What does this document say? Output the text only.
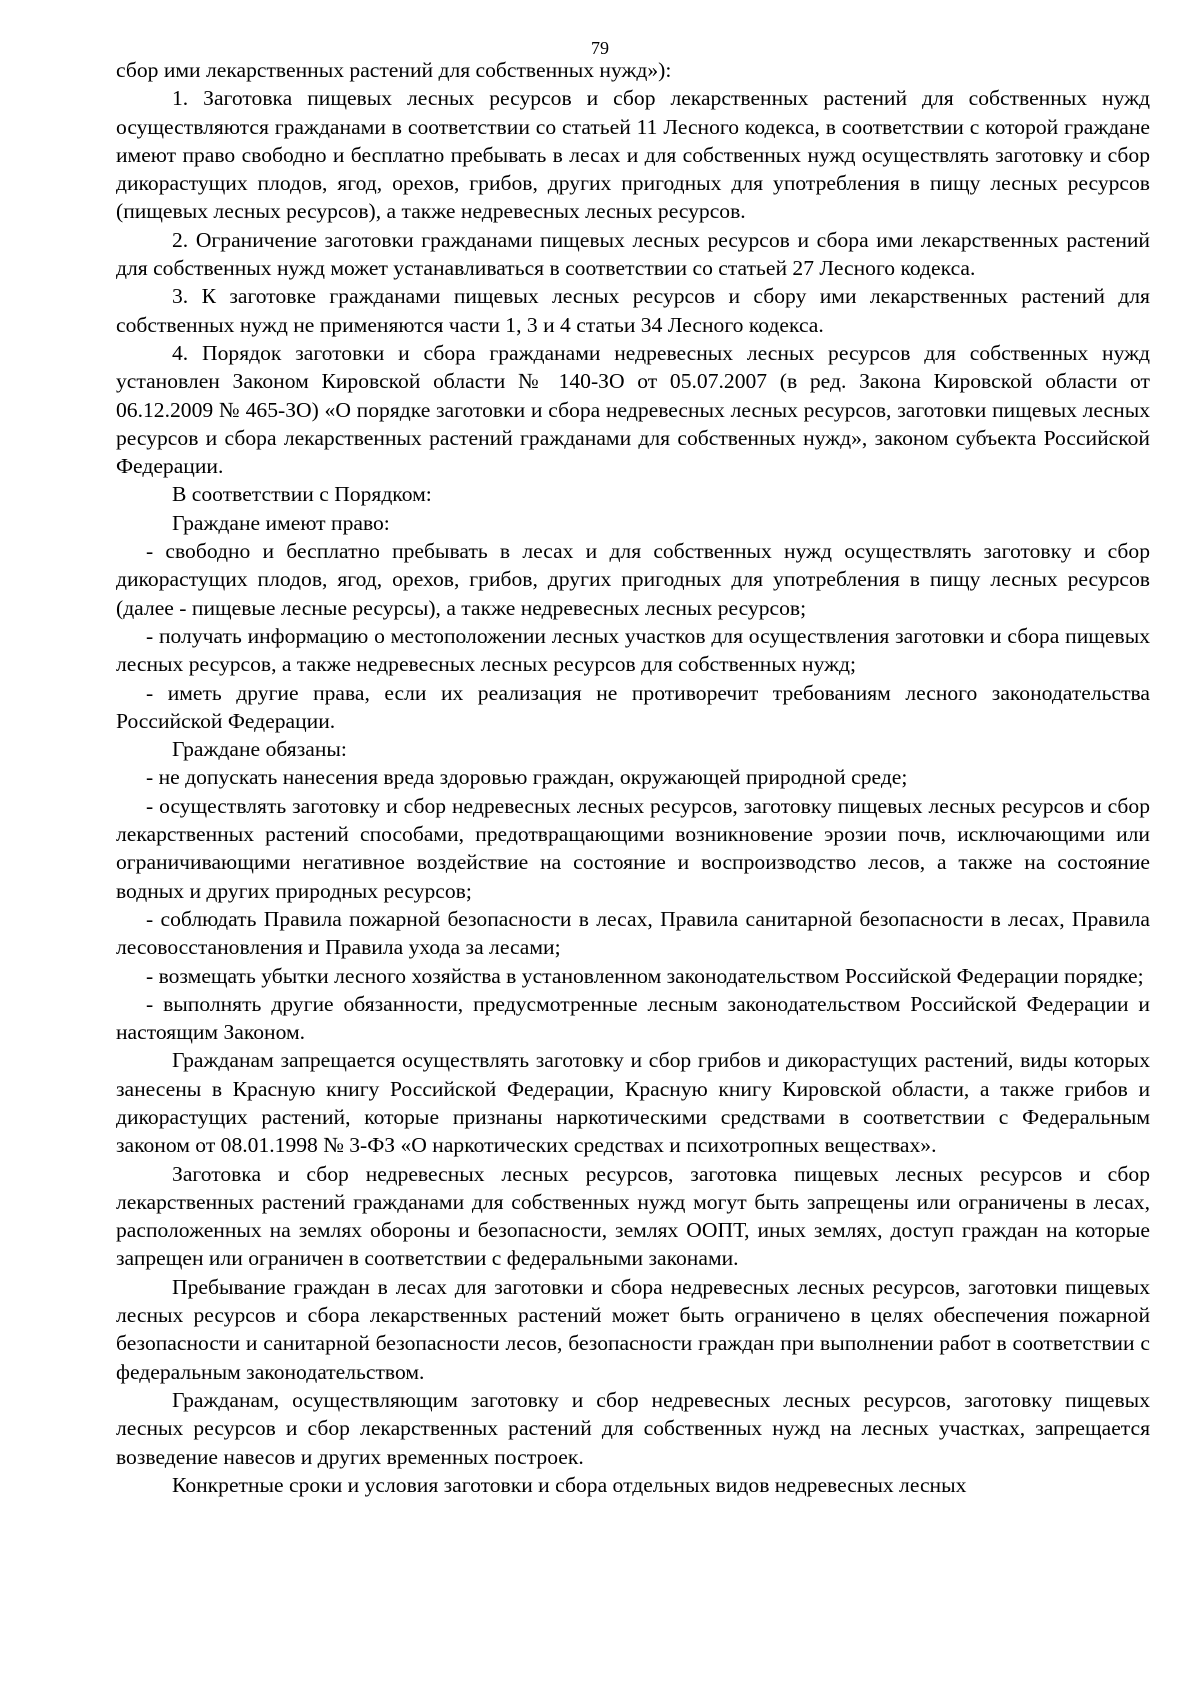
79

сбор ими лекарственных растений для собственных нужд»):

1. Заготовка пищевых лесных ресурсов и сбор лекарственных растений для собственных нужд осуществляются гражданами в соответствии со статьей 11 Лесного кодекса, в соответствии с которой граждане имеют право свободно и бесплатно пребывать в лесах и для собственных нужд осуществлять заготовку и сбор дикорастущих плодов, ягод, орехов, грибов, других пригодных для употребления в пищу лесных ресурсов (пищевых лесных ресурсов), а также недревесных лесных ресурсов.

2. Ограничение заготовки гражданами пищевых лесных ресурсов и сбора ими лекарственных растений для собственных нужд может устанавливаться в соответствии со статьей 27 Лесного кодекса.

3. К заготовке гражданами пищевых лесных ресурсов и сбору ими лекарственных растений для собственных нужд не применяются части 1, 3 и 4 статьи 34 Лесного кодекса.

4. Порядок заготовки и сбора гражданами недревесных лесных ресурсов для собственных нужд установлен Законом Кировской области № 140-ЗО от 05.07.2007 (в ред. Закона Кировской области от 06.12.2009 № 465-ЗО) «О порядке заготовки и сбора недревесных лесных ресурсов, заготовки пищевых лесных ресурсов и сбора лекарственных растений гражданами для собственных нужд», законом субъекта Российской Федерации.

В соответствии с Порядком:

Граждане имеют право:

- свободно и бесплатно пребывать в лесах и для собственных нужд осуществлять заготовку и сбор дикорастущих плодов, ягод, орехов, грибов, других пригодных для употребления в пищу лесных ресурсов (далее - пищевые лесные ресурсы), а также недревесных лесных ресурсов;

- получать информацию о местоположении лесных участков для осуществления заготовки и сбора пищевых лесных ресурсов, а также недревесных лесных ресурсов для собственных нужд;

- иметь другие права, если их реализация не противоречит требованиям лесного законодательства Российской Федерации.

Граждане обязаны:

- не допускать нанесения вреда здоровью граждан, окружающей природной среде;

- осуществлять заготовку и сбор недревесных лесных ресурсов, заготовку пищевых лесных ресурсов и сбор лекарственных растений способами, предотвращающими возникновение эрозии почв, исключающими или ограничивающими негативное воздействие на состояние и воспроизводство лесов, а также на состояние водных и других природных ресурсов;

- соблюдать Правила пожарной безопасности в лесах, Правила санитарной безопасности в лесах, Правила лесовосстановления и Правила ухода за лесами;

- возмещать убытки лесного хозяйства в установленном законодательством Российской Федерации порядке;

- выполнять другие обязанности, предусмотренные лесным законодательством Российской Федерации и настоящим Законом.

Гражданам запрещается осуществлять заготовку и сбор грибов и дикорастущих растений, виды которых занесены в Красную книгу Российской Федерации, Красную книгу Кировской области, а также грибов и дикорастущих растений, которые признаны наркотическими средствами в соответствии с Федеральным законом от 08.01.1998 № 3-ФЗ «О наркотических средствах и психотропных веществах».

Заготовка и сбор недревесных лесных ресурсов, заготовка пищевых лесных ресурсов и сбор лекарственных растений гражданами для собственных нужд могут быть запрещены или ограничены в лесах, расположенных на землях обороны и безопасности, землях ООПТ, иных землях, доступ граждан на которые запрещен или ограничен в соответствии с федеральными законами.

Пребывание граждан в лесах для заготовки и сбора недревесных лесных ресурсов, заготовки пищевых лесных ресурсов и сбора лекарственных растений может быть ограничено в целях обеспечения пожарной безопасности и санитарной безопасности лесов, безопасности граждан при выполнении работ в соответствии с федеральным законодательством.

Гражданам, осуществляющим заготовку и сбор недревесных лесных ресурсов, заготовку пищевых лесных ресурсов и сбор лекарственных растений для собственных нужд на лесных участках, запрещается возведение навесов и других временных построек.

Конкретные сроки и условия заготовки и сбора отдельных видов недревесных лесных
